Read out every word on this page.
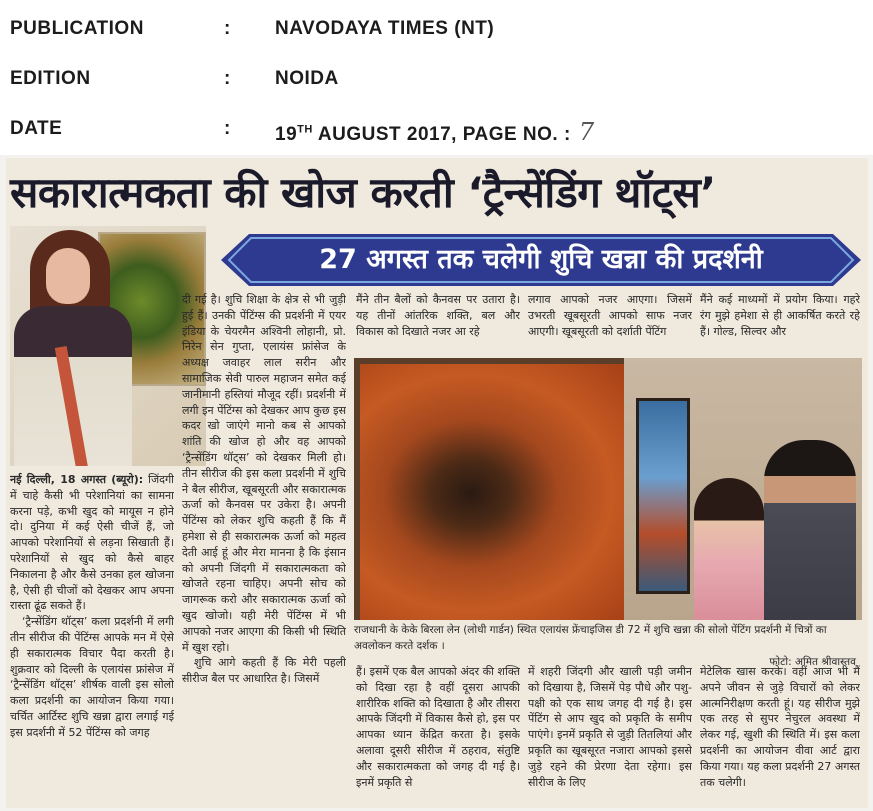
PUBLICATION	: NAVODAYA TIMES (NT)
EDITION	: NOIDA
DATE	: 19TH AUGUST 2017, PAGE NO. : 7
सकारात्मकता की खोज करती ‘ट्रैन्सेंडिंग थॉट्स’
27 अगस्त तक चलेगी शुचि खन्ना की प्रदर्शनी

नई दिल्ली, 18 अगस्त (ब्यूरो): जिंदगी में चाहे कैसी भी परेशानियां का सामना करना पड़े, कभी खुद को मायूस न होने दो। दुनिया में कई ऐसी चीजें हैं, जो आपको परेशानियों से लड़ना सिखाती हैं। परेशानियों से खुद को कैसे बाहर निकालना है और कैसे उनका हल खोजना है, ऐसी ही चीजों को देखकर आप अपना रास्ता ढूंढ सकते हैं।

‘ट्रैन्सेंडिंग थॉट्स’ कला प्रदर्शनी में लगी तीन सीरीज की पेंटिंग्स आपके मन में ऐसे ही सकारात्मक विचार पैदा करती है। शुक्रवार को दिल्ली के एलायंस फ्रांसेज में ‘ट्रैन्सेंडिंग थॉट्स’ शीर्षक वाली इस सोलो कला प्रदर्शनी का आयोजन किया गया। चर्चित आर्टिस्ट शुचि खन्ना द्वारा लगाई गई इस प्रदर्शनी में 52 पेंटिंग्स को जगह

दी गई है। शुचि शिक्षा के क्षेत्र से भी जुड़ी हुई हैं। उनकी पेंटिंग्स की प्रदर्शनी में एयर इंडिया के चेयरमैन अश्विनी लोहानी, प्रो. निरेन सेन गुप्ता, एलायंस फ्रांसेज के अध्यक्ष जवाहर लाल सरीन और सामाजिक सेवी पारुल महाजन समेत कई जानीमानी हस्तियां मौजूद रहीं। प्रदर्शनी में लगी इन पेंटिंग्स को देखकर आप कुछ इस कदर खो जाएंगे मानो कब से आपको शांति की खोज हो और वह आपको ‘ट्रैन्सेंडिंग थॉट्स’ को देखकर मिली हो। तीन सीरीज की इस कला प्रदर्शनी में शुचि ने बैल सीरीज, खूबसूरती और सकारात्मक ऊर्जा को कैनवस पर उकेरा है। अपनी पेंटिंग्स को लेकर शुचि कहती हैं कि मैं हमेशा से ही सकारात्मक ऊर्जा को महत्व देती आई हूं और मेरा मानना है कि इंसान को अपनी जिंदगी में सकारात्मकता को खोजते रहना चाहिए। अपनी सोच को जागरूक करो और सकारात्मक ऊर्जा को खुद खोजो। यही मेरी पेंटिंग्स में भी आपको नजर आएगा की किसी भी स्थिति में खुश रहो।

शुचि आगे कहती हैं कि मेरी पहली सीरीज बैल पर आधारित है। जिसमें

मैंने तीन बैलों को कैनवस पर उतारा है। यह तीनों आंतरिक शक्ति, बल और विकास को दिखाते नजर आ रहे

लगाव आपको नजर आएगा। जिसमें उभरती खूबसूरती आपको साफ नजर आएगी। खूबसूरती को दर्शाती पेंटिंग

मैंने कई माध्यमों में प्रयोग किया। गहरे रंग मुझे हमेशा से ही आकर्षित करते रहे हैं। गोल्ड, सिल्वर और

राजधानी के केके बिरला लेन (लोधी गार्डन) स्थित एलायंस फ्रेंचाइजिस डी 72 में शुचि खन्ना की सोलो पेंटिंग प्रदर्शनी में चित्रों का अवलोकन करते दर्शक ।
फोटो: अमित श्रीवास्तव

हैं। इसमें एक बैल आपको अंदर की शक्ति को दिखा रहा है वहीं दूसरा आपकी शारीरिक शक्ति को दिखाता है और तीसरा आपके जिंदगी में विकास कैसे हो, इस पर आपका ध्यान केंद्रित करता है। इसके अलावा दूसरी सीरीज में ठहराव, संतुष्टि और सकारात्मकता को जगह दी गई है। इनमें प्रकृति से

में शहरी जिंदगी और खाली पड़ी जमीन को दिखाया है, जिसमें पेड़ पौधे और पशु-पक्षी को एक साथ जगह दी गई है। इस पेंटिंग से आप खुद को प्रकृति के समीप पाएंगे। इनमें प्रकृति से जुड़ी तितलियां और प्रकृति का खूबसूरत नजारा आपको इससे जुड़े रहने की प्रेरणा देता रहेगा। इस सीरीज के लिए

मेटेलिक खास करके। वहीं आज भी मैं अपने जीवन से जुड़े विचारों को लेकर आत्मनिरीक्षण करती हूं। यह सीरीज मुझे एक तरह से सुपर नेचुरल अवस्था में लेकर गई, खुशी की स्थिति में। इस कला प्रदर्शनी का आयोजन वीवा आर्ट द्वारा किया गया। यह कला प्रदर्शनी 27 अगस्त तक चलेगी।
